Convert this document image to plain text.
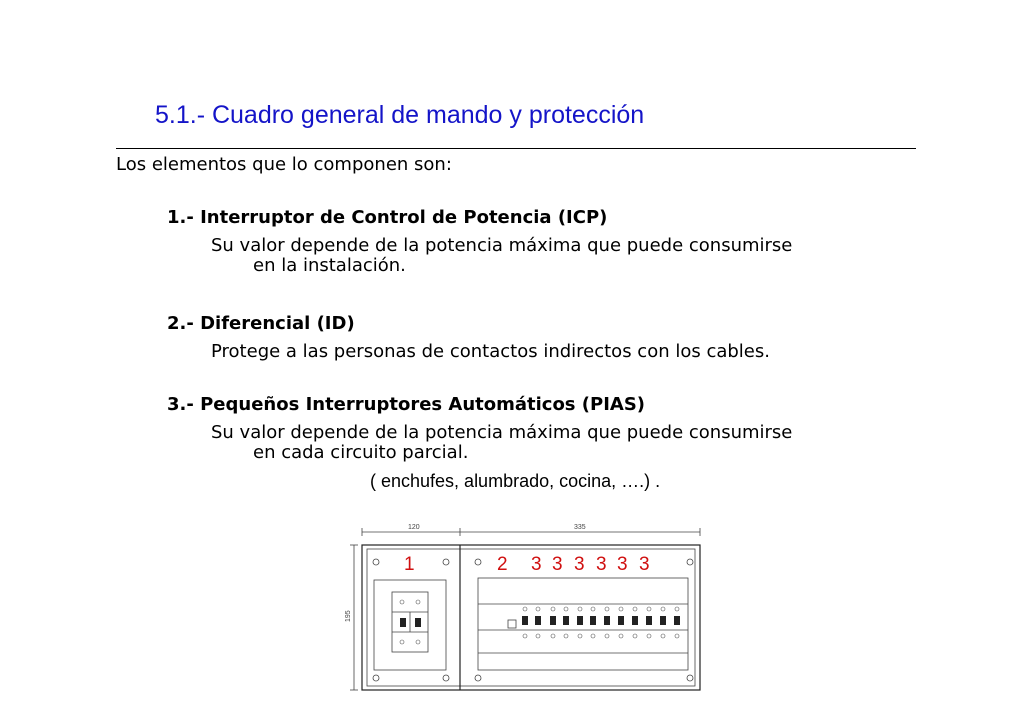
5.1.- Cuadro general de mando y protección
Los elementos que lo componen son:
1.- Interruptor de Control de Potencia (ICP)
Su valor depende de la potencia máxima que puede consumirse
en la instalación.
2.- Diferencial (ID)
Protege a las personas de contactos indirectos con los cables.
3.- Pequeños Interruptores Automáticos (PIAS)
Su valor depende de la potencia máxima que puede consumirse
en cada circuito parcial.
( enchufes, alumbrado, cocina, ….) .
120	335
195
1	2 3 3 3 3 3 3
